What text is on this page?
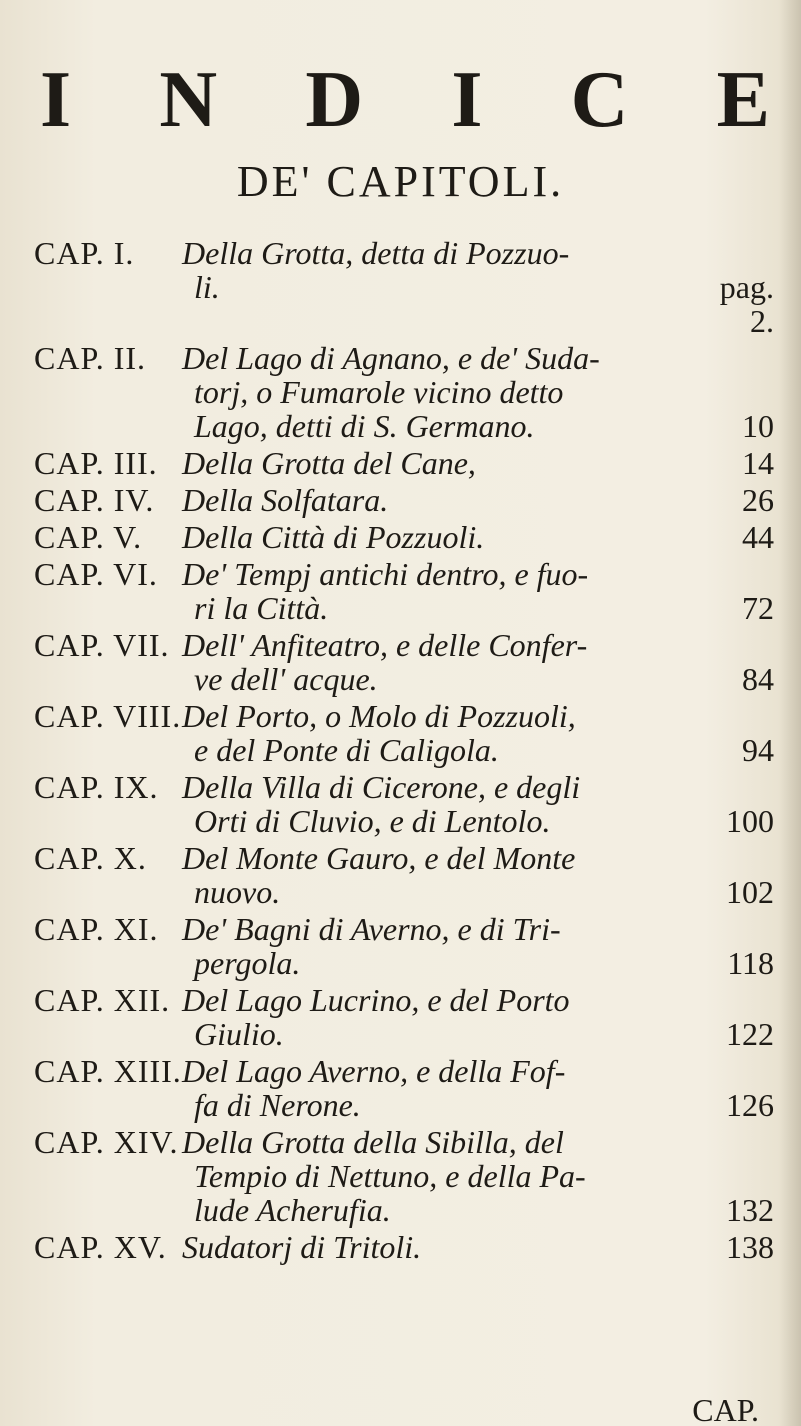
I N D I C E
DE' CAPITOLI.
CAP. I.	Della Grotta, detta di Pozzuo-
li.	pag. 2.
CAP. II.	Del Lago di Agnano, e de' Suda-
torj, o Fumarole vicino detto
Lago, detti di S. Germano.	10
CAP. III. Della Grotta del Cane,	14
CAP. IV. Della Solfatara.	26
CAP. V.	Della Città di Pozzuoli.	44
CAP. VI. De' Tempj antichi dentro, e fuo-
ri la Città.	72
CAP. VII. Dell' Anfiteatro, e delle Confer-
ve dell' acque.	84
CAP. VIII. Del Porto, o Molo di Pozzuoli,
e del Ponte di Caligola.	94
CAP. IX. Della Villa di Cicerone, e degli
Orti di Cluvio, e di Lentolo.	100
CAP. X.	Del Monte Gauro, e del Monte
nuovo.	102
CAP. XI. De' Bagni di Averno, e di Tri-
pergola.	118
CAP. XII. Del Lago Lucrino, e del Porto
Giulio.	122
CAP. XIII. Del Lago Averno, e della Fof-
fa di Nerone.	126
CAP. XIV. Della Grotta della Sibilla, del
Tempio di Nettuno, e della Pa-
lude Acherufia.	132
CAP. XV. Sudatorj di Tritoli.	138
CAP.
